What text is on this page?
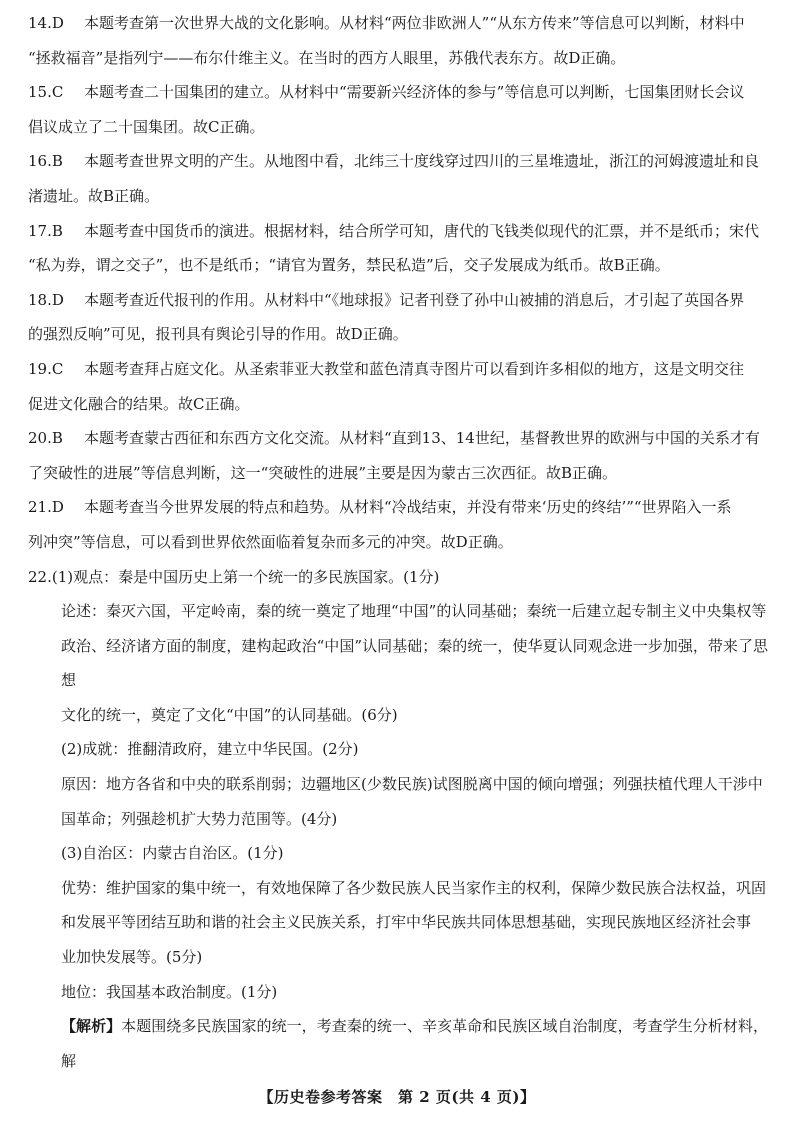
14.D 本题考查第一次世界大战的文化影响。从材料“两位非欧洲人”“从东方传来”等信息可以判断，材料中

“拯救福音”是指列宁——布尔什维主义。在当时的西方人眼里，苏俄代表东方。故D正确。

15.C 本题考查二十国集团的建立。从材料中“需要新兴经济体的参与”等信息可以判断，七国集团财长会议

倡议成立了二十国集团。故C正确。

16.B 本题考查世界文明的产生。从地图中看，北纬三十度线穿过四川的三星堆遗址，浙江的河姆渡遗址和良

渚遗址。故B正确。

17.B 本题考查中国货币的演进。根据材料，结合所学可知，唐代的飞钱类似现代的汇票，并不是纸币；宋代

“私为券，谓之交子”，也不是纸币；“请官为置务，禁民私造”后，交子发展成为纸币。故B正确。

18.D 本题考查近代报刊的作用。从材料中“《地球报》记者刊登了孙中山被捕的消息后，才引起了英国各界

的强烈反响”可见，报刊具有舆论引导的作用。故D正确。

19.C 本题考查拜占庭文化。从圣索菲亚大教堂和蓝色清真寺图片可以看到许多相似的地方，这是文明交往

促进文化融合的结果。故C正确。

20.B 本题考查蒙古西征和东西方文化交流。从材料“直到13、14世纪，基督教世界的欧洲与中国的关系才有

了突破性的进展”等信息判断，这一“突破性的进展”主要是因为蒙古三次西征。故B正确。

21.D 本题考查当今世界发展的特点和趋势。从材料“冷战结束，并没有带来‘历史的终结’”“世界陷入一系

列冲突”等信息，可以看到世界依然面临着复杂而多元的冲突。故D正确。

22.(1)观点：秦是中国历史上第一个统一的多民族国家。(1分)

论述：秦灭六国，平定岭南，秦的统一奠定了地理“中国”的认同基础；秦统一后建立起专制主义中央集权等

政治、经济诸方面的制度，建构起政治“中国”认同基础；秦的统一，使华夏认同观念进一步加强，带来了思想

文化的统一，奠定了文化“中国”的认同基础。(6分)

(2)成就：推翻清政府，建立中华民国。(2分)

原因：地方各省和中央的联系削弱；边疆地区(少数民族)试图脱离中国的倾向增强；列强扶植代理人干涉中

国革命；列强趁机扩大势力范围等。(4分)

(3)自治区：内蒙古自治区。(1分)

优势：维护国家的集中统一，有效地保障了各少数民族人民当家作主的权利，保障少数民族合法权益，巩固

和发展平等团结互助和谐的社会主义民族关系，打牢中华民族共同体思想基础，实现民族地区经济社会事

业加快发展等。(5分)

地位：我国基本政治制度。(1分)

【解析】本题围绕多民族国家的统一，考查秦的统一、辛亥革命和民族区域自治制度，考查学生分析材料，解

【历史卷参考答案　第 2 页(共 4 页)】
